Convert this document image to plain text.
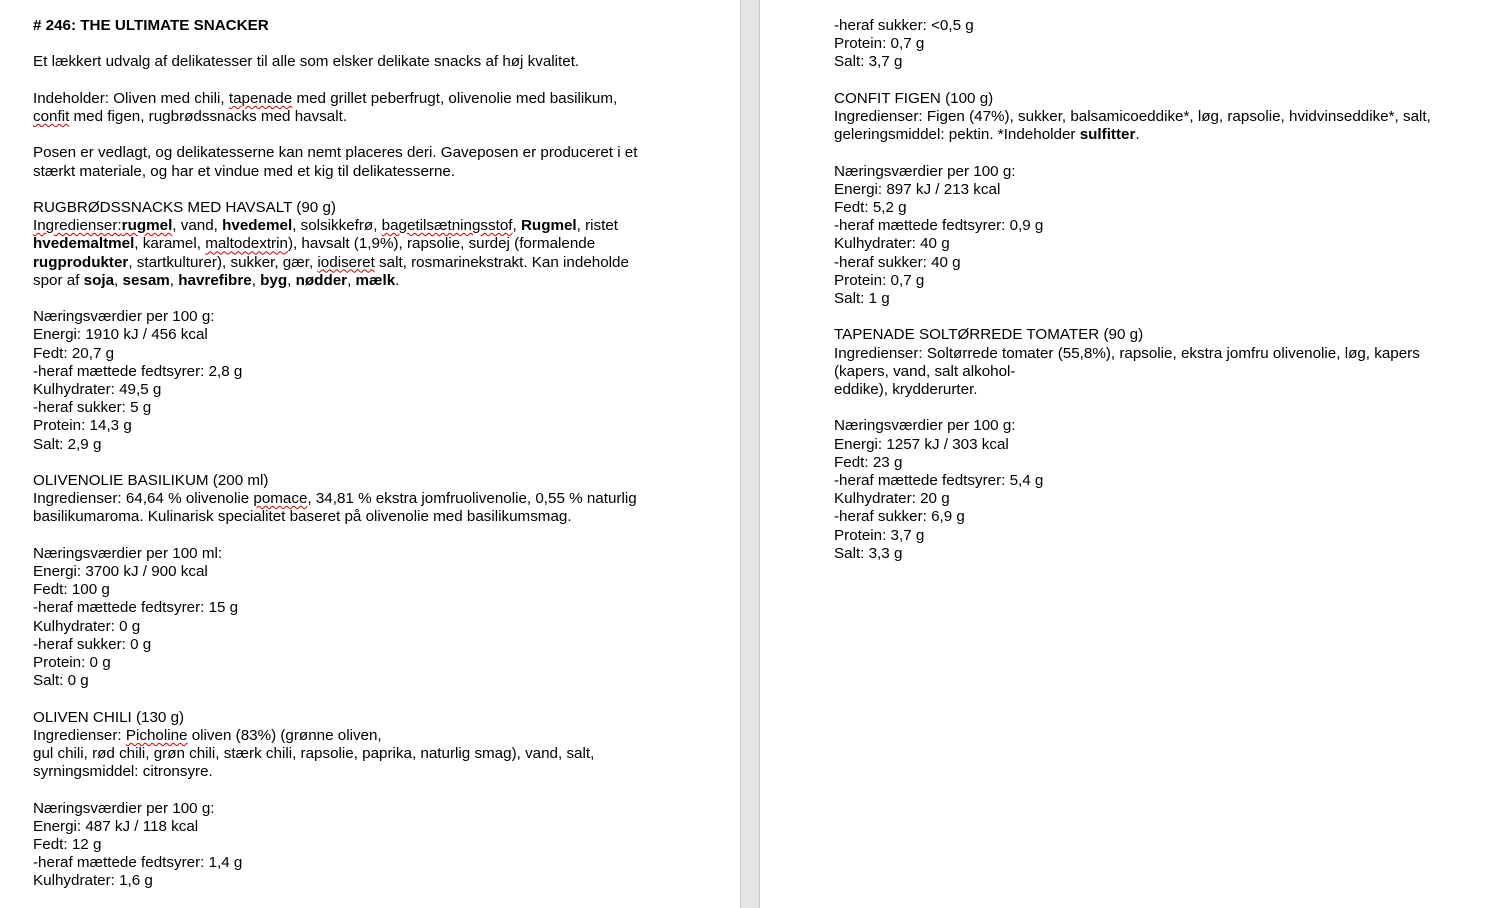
# 246: THE ULTIMATE SNACKER

Et lækkert udvalg af delikatesser til alle som elsker delikate snacks af høj kvalitet.

Indeholder: Oliven med chili, tapenade med grillet peberfrugt, olivenolie med basilikum,

confit med figen, rugbrødssnacks med havsalt.

Posen er vedlagt, og delikatesserne kan nemt placeres deri. Gaveposen er produceret i et

stærkt materiale, og har et vindue med et kig til delikatesserne.

RUGBRØDSSNACKS MED HAVSALT (90 g)

Ingredienser:rugmel, vand, hvedemel, solsikkefrø, bagetilsætningsstof, Rugmel, ristet

hvedemaltmel, karamel, maltodextrin), havsalt (1,9%), rapsolie, surdej (formalende

rugprodukter, startkulturer), sukker, gær, iodiseret salt, rosmarinekstrakt. Kan indeholde

spor af soja, sesam, havrefibre, byg, nødder, mælk.

Næringsværdier per 100 g:

Energi: 1910 kJ / 456 kcal

Fedt: 20,7 g

-heraf mættede fedtsyrer: 2,8 g

Kulhydrater: 49,5 g

-heraf sukker: 5 g

Protein: 14,3 g

Salt: 2,9 g

OLIVENOLIE BASILIKUM (200 ml)

Ingredienser: 64,64 % olivenolie pomace, 34,81 % ekstra jomfruolivenolie, 0,55 % naturlig

basilikumaroma. Kulinarisk specialitet baseret på olivenolie med basilikumsmag.

Næringsværdier per 100 ml:

Energi: 3700 kJ / 900 kcal

Fedt: 100 g

-heraf mættede fedtsyrer: 15 g

Kulhydrater: 0 g

-heraf sukker: 0 g

Protein: 0 g

Salt: 0 g

OLIVEN CHILI (130 g)

Ingredienser: Picholine oliven (83%) (grønne oliven,

gul chili, rød chili, grøn chili, stærk chili, rapsolie, paprika, naturlig smag), vand, salt,

syrningsmiddel: citronsyre.

Næringsværdier per 100 g:

Energi: 487 kJ / 118 kcal

Fedt: 12 g

-heraf mættede fedtsyrer: 1,4 g

Kulhydrater: 1,6 g

-heraf sukker: <0,5 g

Protein: 0,7 g

Salt: 3,7 g

CONFIT FIGEN (100 g)

Ingredienser: Figen (47%), sukker, balsamicoeddike*, løg, rapsolie, hvidvinseddike*, salt,

geleringsmiddel: pektin. *Indeholder sulfitter.

Næringsværdier per 100 g:

Energi: 897 kJ / 213 kcal

Fedt: 5,2 g

-heraf mættede fedtsyrer: 0,9 g

Kulhydrater: 40 g

-heraf sukker: 40 g

Protein: 0,7 g

Salt: 1 g

TAPENADE SOLTØRREDE TOMATER (90 g)

Ingredienser: Soltørrede tomater (55,8%), rapsolie, ekstra jomfru olivenolie, løg, kapers

(kapers, vand, salt alkohol-

eddike), krydderurter.

Næringsværdier per 100 g:

Energi: 1257 kJ / 303 kcal

Fedt: 23 g

-heraf mættede fedtsyrer: 5,4 g

Kulhydrater: 20 g

-heraf sukker: 6,9 g

Protein: 3,7 g

Salt: 3,3 g
